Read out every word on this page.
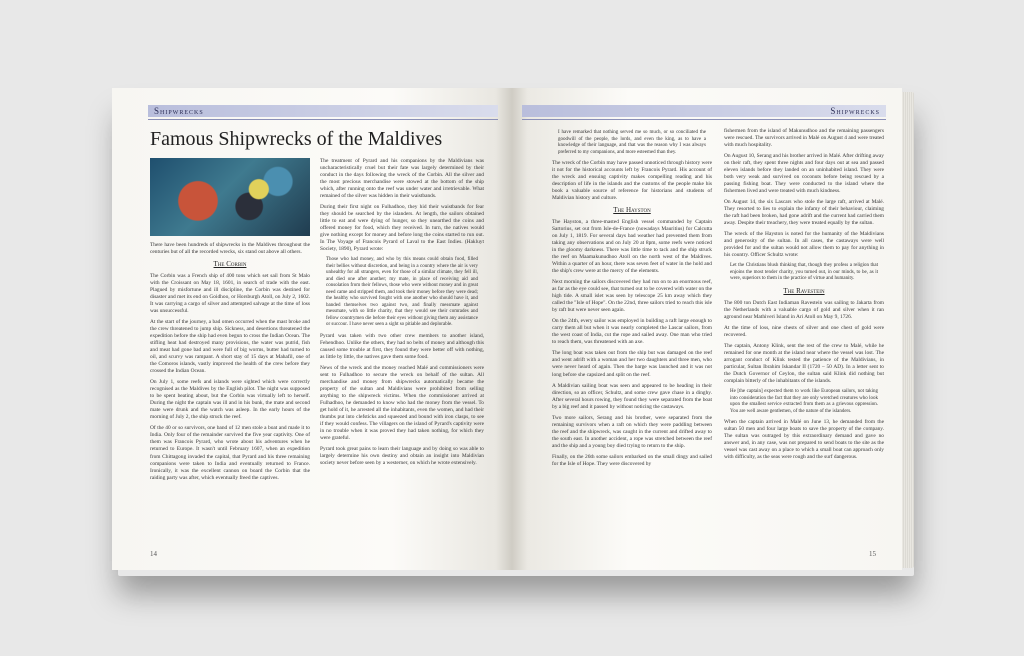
Shipwrecks
Famous Shipwrecks of the Maldives

There have been hundreds of shipwrecks in the Maldives throughout the centuries but of all the recorded wrecks, six stand out above all others.

The Corbin

The Corbin was a French ship of 400 tons which set sail from St Malo with the Croissant on May 18, 1601, in search of trade with the east. Plagued by misfortune and ill discipline, the Corbin was destined for disaster and met its end on Goidhoo, or Horsburgh Atoll, on July 2, 1602. It was carrying a cargo of silver and attempted salvage at the time of loss was unsuccessful.

At the start of the journey, a bad omen occurred when the mast broke and the crew threatened to jump ship. Sickness, and desertions threatened the expedition before the ship had even begun to cross the Indian Ocean. The stifling heat had destroyed many provisions, the water was putrid, fish and meat had gone bad and were full of big worms, butter had turned to oil, and scurvy was rampant. A short stay of 15 days at Mahafil, one of the Comoros islands, vastly improved the health of the crew before they crossed the Indian Ocean.

On July 1, some reefs and islands were sighted which were correctly recognised as the Maldives by the English pilot. The night was supposed to be spent beating about, but the Corbin was virtually left to herself. During the night the captain was ill and in his bunk, the mate and second mate were drunk and the watch was asleep. In the early hours of the morning of July 2, the ship struck the reef.

Of the 40 or so survivors, one band of 12 men stole a boat and made it to India. Only four of the remainder survived the five year captivity. One of them was Francois Pyrard, who wrote about his adventures when he returned to Europe. It wasn't until February 1607, when an expedition from Chittagong invaded the capital, that Pyrard and his three remaining companions were taken to India and eventually returned to France. Ironically, it was the excellent cannon on board the Corbin that the raiding party was after, which eventually freed the captives.

The treatment of Pyrard and his companions by the Maldivians was uncharacteristically cruel but their fate was largely determined by their conduct in the days following the wreck of the Corbin. All the silver and the most precious merchandise were stowed at the bottom of the ship which, after running onto the reef was under water and irretrievable. What remained of the silver was hidden in their waistbands.

During their first night on Fulhadhoo, they hid their waistbands for fear they should be searched by the islanders. At length, the sailors obtained little to eat and were dying of hunger, so they unearthed the coins and offered money for food, which they received. In turn, the natives would give nothing except for money and before long the coins started to run out. In The Voyage of Francois Pyrard of Laval to the East Indies. (Hakluyt Society, 1890), Pyrard wrote:

Those who had money, and who by this means could obtain food, filled their bellies without discretion, and being in a country where the air is very unhealthy for all strangers, even for those of a similar climate, they fell ill, and died one after another; my mate, in place of receiving aid and consolation from their fellows, those who were without money and in great need came and stripped them, and took their money before they were dead; the healthy who survived fought with one another who should have it, and banded themselves two against two, and finally messmate against messmate, with so little charity, that they would see their comrades and fellow countrymen die before their eyes without giving them any assistance or succour. I have never seen a sight so pitiable and deplorable.

Pyrard was taken with two other crew members to another island, Fehendhoo. Unlike the others, they had no belts of money and although this caused some trouble at first, they found they were better off with nothing, as little by little, the natives gave them some food.

News of the wreck and the money reached Malé and commissioners were sent to Fulhadhoo to secure the wreck on behalf of the sultan. All merchandise and money from shipwrecks automatically became the property of the sultan and Maldivians were prohibited from selling anything to the shipwreck victims. When the commissioner arrived at Fulhadhoo, he demanded to know who had the money from the vessel. To get hold of it, he arrested all the inhabitants, even the women, and had their thumbs put into clefsticks and squeezed and bound with iron clasps, to see if they would confess. The villagers on the island of Pyrard's captivity were in no trouble when it was proved they had taken nothing, for which they were grateful.

Pyrard took great pains to learn their language and by doing so was able to largely determine his own destiny and obtain an insight into Maldivian society never before seen by a westerner, on which he wrote extensively.

14
Shipwrecks

I have remarked that nothing served me so much, or so conciliated the goodwill of the people, the lords, and even the king, as to have a knowledge of their language, and that was the reason why I was always preferred to my companions, and more esteemed than they.

The wreck of the Corbin may have passed unnoticed through history were it not for the historical accounts left by Francois Pyrard. His account of the wreck and ensuing captivity makes compelling reading and his description of life in the islands and the customs of the people make his book a valuable source of reference for historians and students of Maldivian history and culture.

The Hayston

The Hayston, a three-masted English vessel commanded by Captain Sartorius, set out from Isle-de-France (nowadays Mauritius) for Calcutta on July 1, 1819. For several days bad weather had prevented them from taking any observations and on July 20 at 8pm, some reefs were noticed in the gloomy darkness. There was little time to tack and the ship struck the reef on Maamakunudhoo Atoll on the north west of the Maldives. Within a quarter of an hour, there was seven feet of water in the hold and the ship's crew were at the mercy of the elements.

Next morning the sailors discovered they had run on to an enormous reef, as far as the eye could see, that turned out to be covered with water on the high tide. A small islet was seen by telescope 25 km away which they called the "Isle of Hope". On the 22nd, three sailors tried to reach this isle by raft but were never seen again.

On the 24th, every sailor was employed in building a raft large enough to carry them all but when it was nearly completed the Lascar sailors, from the west coast of India, cut the rope and sailed away. One man who tried to reach them, was threatened with an axe.

The long boat was taken out from the ship but was damaged on the reef and went adrift with a woman and her two daughters and three men, who were never heard of again. Then the barge was launched and it was not long before she capsized and split on the reef.

A Maldivian sailing boat was seen and appeared to be heading in their direction, so an officer, Schultz, and some crew gave chase in a dinghy. After several hours rowing, they found they were separated from the boat by a big reef and it passed by without noticing the castaways.

Two more sailors, Serang and his brother, were separated from the remaining survivors when a raft on which they were paddling between the reef and the shipwreck, was caught in the current and drifted away to the south east. In another accident, a rope was stretched between the reef and the ship and a young boy died trying to return to the ship.

Finally, on the 26th some sailors embarked on the small dingy and sailed for the Isle of Hope. They were discovered by

fishermen from the island of Makunudhoo and the remaining passengers were rescued. The survivors arrived in Malé on August 4 and were treated with much hospitality.

On August 10, Serang and his brother arrived in Malé. After drifting away on their raft, they spent three nights and four days out at sea and passed eleven islands before they landed on an uninhabited island. They were both very weak and survived on coconuts before being rescued by a passing fishing boat. They were conducted to the island where the fishermen lived and were treated with much kindness.

On August 14, the six Lascars who stole the large raft, arrived at Malé. They resorted to lies to explain the infamy of their behaviour, claiming the raft had been broken, had gone adrift and the current had carried them away. Despite their treachery, they were treated equally by the sultan.

The wreck of the Hayston is noted for the humanity of the Maldivians and generosity of the sultan. In all cases, the castaways were well provided for and the sultan would not allow them to pay for anything in his country. Officer Schultz wrote:

Let the Christians blush thinking that, though they profess a religion that enjoins the most tender charity, you turned out, in our minds, to be, as it were, superiors to them in the practice of virtue and humanity.

The Ravestein

The 800 ton Dutch East Indiaman Ravestein was sailing to Jakarta from the Netherlands with a valuable cargo of gold and silver when it ran aground near Mathiveri Island in Ari Atoll on May 9, 1726.

At the time of loss, nine chests of silver and one chest of gold were recovered.

The captain, Antony Klink, sent the rest of the crew to Malé, while he remained for one month at the island near where the vessel was lost. The arrogant conduct of Klink tested the patience of the Maldivians, in particular, Sultan Ibrahim Iskandar II (1720 – 50 AD). In a letter sent to the Dutch Governor of Ceylon, the sultan said Klink did nothing but complain bitterly of the inhabitants of the islands.

He [the captain] expected them to work like European sailors, not taking into consideration the fact that they are only wretched creatures who look upon the smallest service extracted from them as a grievous oppression. You are well aware gentlemen, of the nature of the islanders.

When the captain arrived in Malé on June 13, he demanded from the sultan 50 men and four large boats to save the property of the company. The sultan was outraged by this extraordinary demand and gave no answer and, in any case, was not prepared to send boats to the site as the vessel was cast away on a place to which a small boat can approach only with difficulty, as the seas were rough and the surf dangerous.

15
